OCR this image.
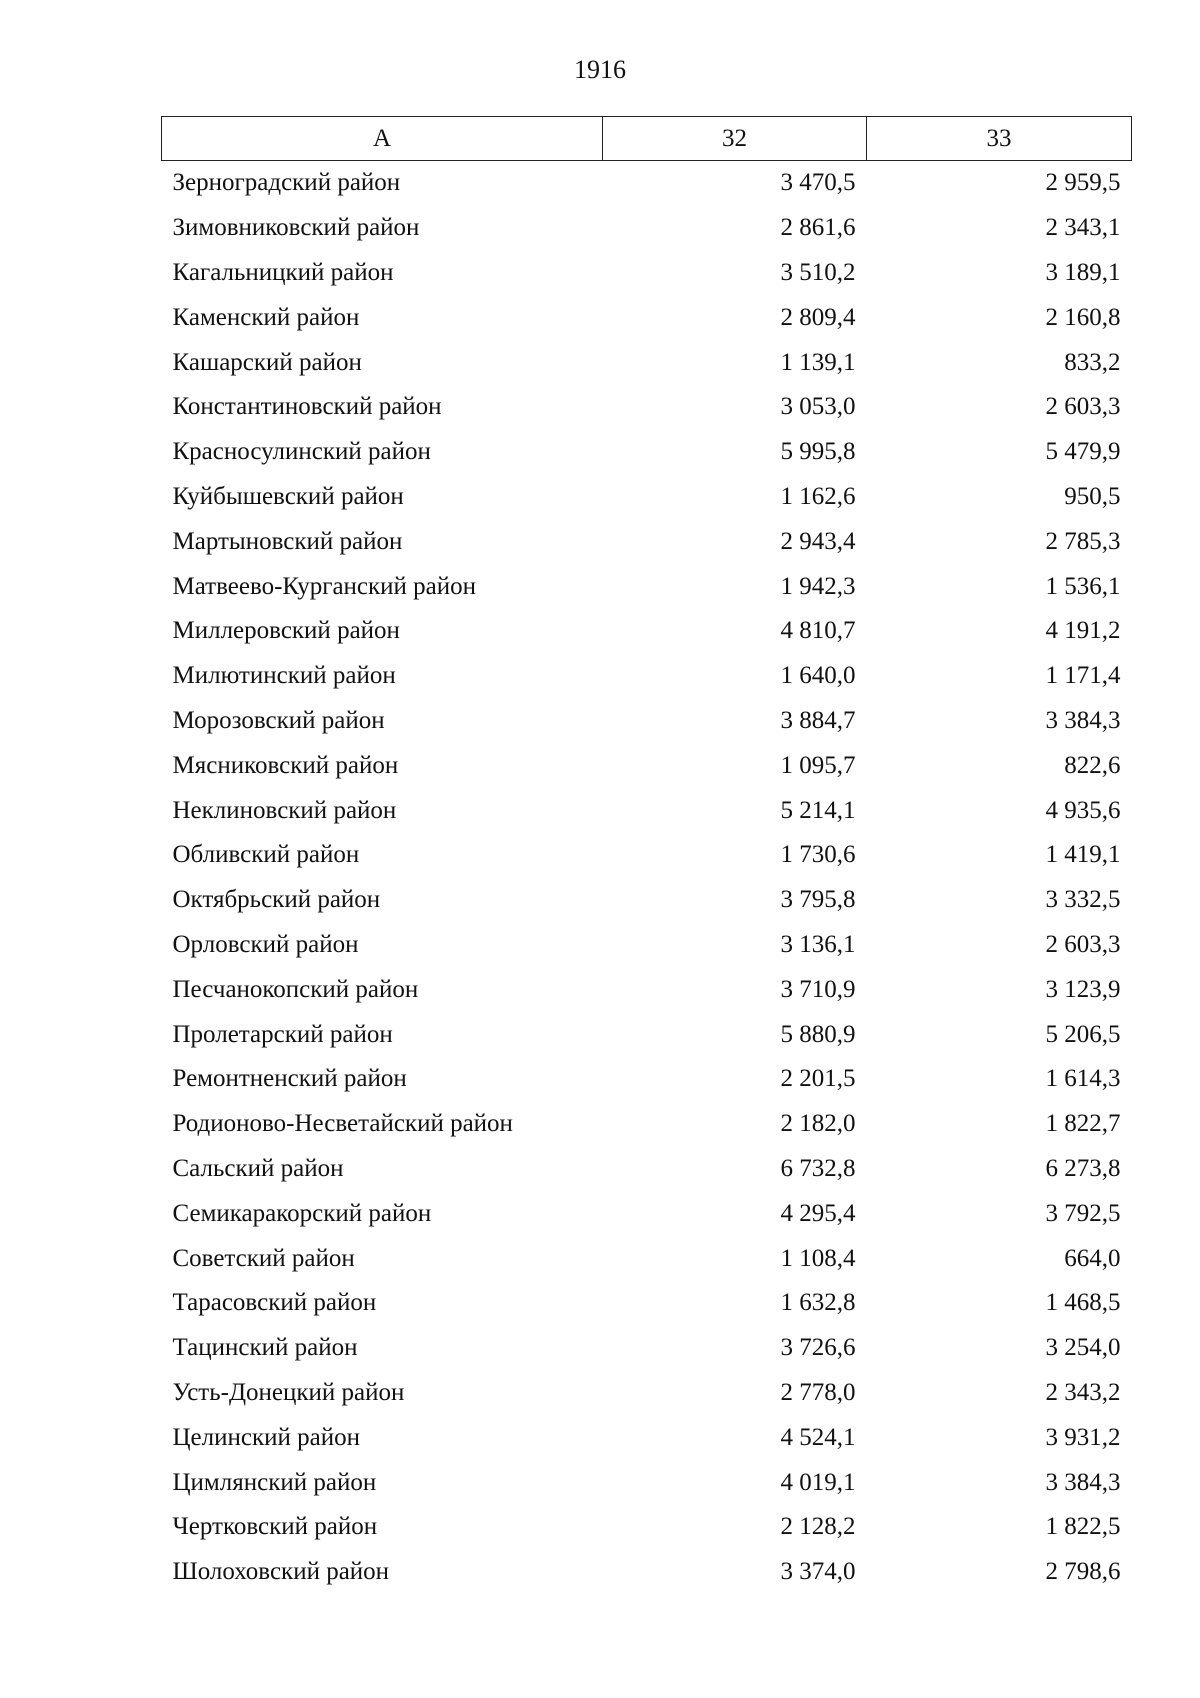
1916
А	32	33
Зерноградский район	3 470,5	2 959,5
Зимовниковский район	2 861,6	2 343,1
Кагальницкий район	3 510,2	3 189,1
Каменский район	2 809,4	2 160,8
Кашарский район	1 139,1	833,2
Константиновский район	3 053,0	2 603,3
Красносулинский район	5 995,8	5 479,9
Куйбышевский район	1 162,6	950,5
Мартыновский район	2 943,4	2 785,3
Матвеево-Курганский район	1 942,3	1 536,1
Миллеровский район	4 810,7	4 191,2
Милютинский район	1 640,0	1 171,4
Морозовский район	3 884,7	3 384,3
Мясниковский район	1 095,7	822,6
Неклиновский район	5 214,1	4 935,6
Обливский район	1 730,6	1 419,1
Октябрьский район	3 795,8	3 332,5
Орловский район	3 136,1	2 603,3
Песчанокопский район	3 710,9	3 123,9
Пролетарский район	5 880,9	5 206,5
Ремонтненский район	2 201,5	1 614,3
Родионово-Несветайский район	2 182,0	1 822,7
Сальский район	6 732,8	6 273,8
Семикаракорский район	4 295,4	3 792,5
Советский район	1 108,4	664,0
Тарасовский район	1 632,8	1 468,5
Тацинский район	3 726,6	3 254,0
Усть-Донецкий район	2 778,0	2 343,2
Целинский район	4 524,1	3 931,2
Цимлянский район	4 019,1	3 384,3
Чертковский район	2 128,2	1 822,5
Шолоховский район	3 374,0	2 798,6
